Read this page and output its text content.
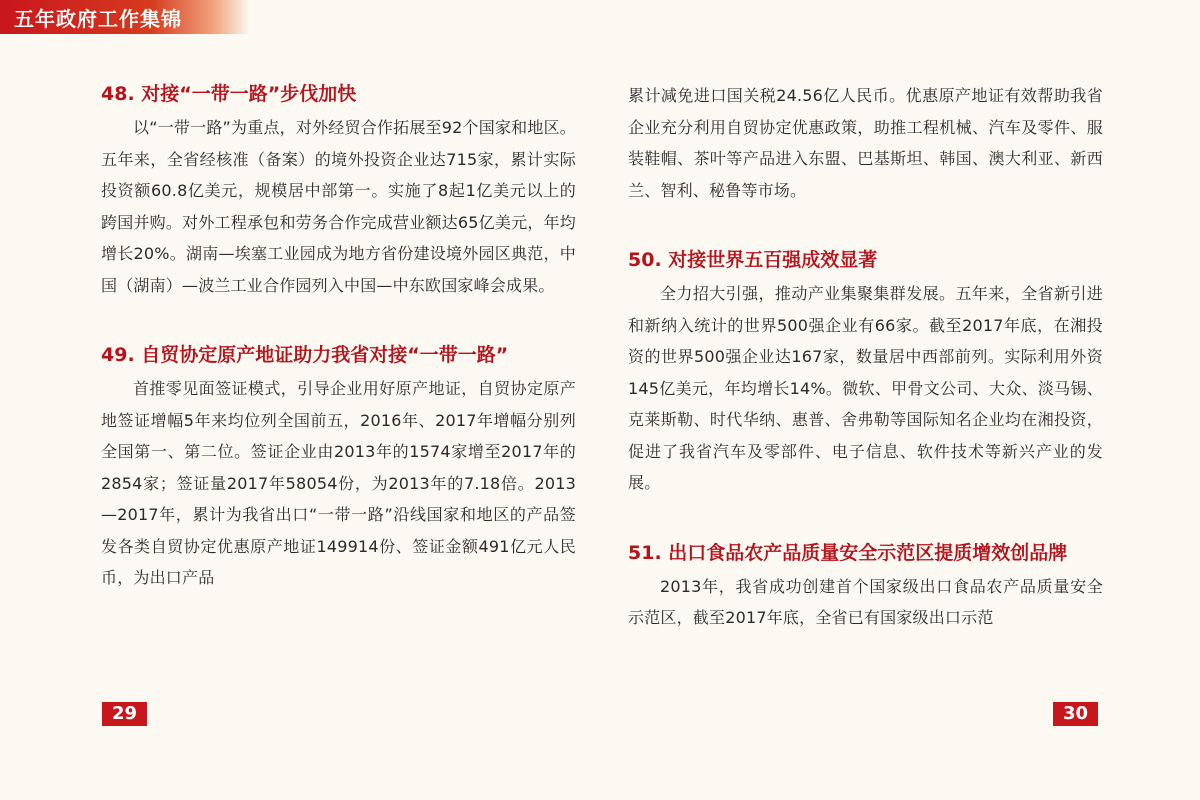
五年政府工作集锦
48. 对接“一带一路”步伐加快

以“一带一路”为重点，对外经贸合作拓展至92个国家和地区。五年来，全省经核准（备案）的境外投资企业达715家，累计实际投资额60.8亿美元，规模居中部第一。实施了8起1亿美元以上的跨国并购。对外工程承包和劳务合作完成营业额达65亿美元，年均增长20%。湖南—埃塞工业园成为地方省份建设境外园区典范，中国（湖南）—波兰工业合作园列入中国—中东欧国家峰会成果。

49. 自贸协定原产地证助力我省对接“一带一路”

首推零见面签证模式，引导企业用好原产地证，自贸协定原产地签证增幅5年来均位列全国前五，2016年、2017年增幅分别列全国第一、第二位。签证企业由2013年的1574家增至2017年的2854家；签证量2017年58054份，为2013年的7.18倍。2013—2017年，累计为我省出口“一带一路”沿线国家和地区的产品签发各类自贸协定优惠原产地证149914份、签证金额491亿元人民币，为出口产品

累计减免进口国关税24.56亿人民币。优惠原产地证有效帮助我省企业充分利用自贸协定优惠政策，助推工程机械、汽车及零件、服装鞋帽、茶叶等产品进入东盟、巴基斯坦、韩国、澳大利亚、新西兰、智利、秘鲁等市场。

50. 对接世界五百强成效显著

全力招大引强，推动产业集聚集群发展。五年来，全省新引进和新纳入统计的世界500强企业有66家。截至2017年底，在湘投资的世界500强企业达167家，数量居中西部前列。实际利用外资145亿美元，年均增长14%。微软、甲骨文公司、大众、淡马锡、克莱斯勒、时代华纳、惠普、舍弗勒等国际知名企业均在湘投资，促进了我省汽车及零部件、电子信息、软件技术等新兴产业的发展。

51. 出口食品农产品质量安全示范区提质增效创品牌

2013年，我省成功创建首个国家级出口食品农产品质量安全示范区，截至2017年底，全省已有国家级出口示范

29	30
